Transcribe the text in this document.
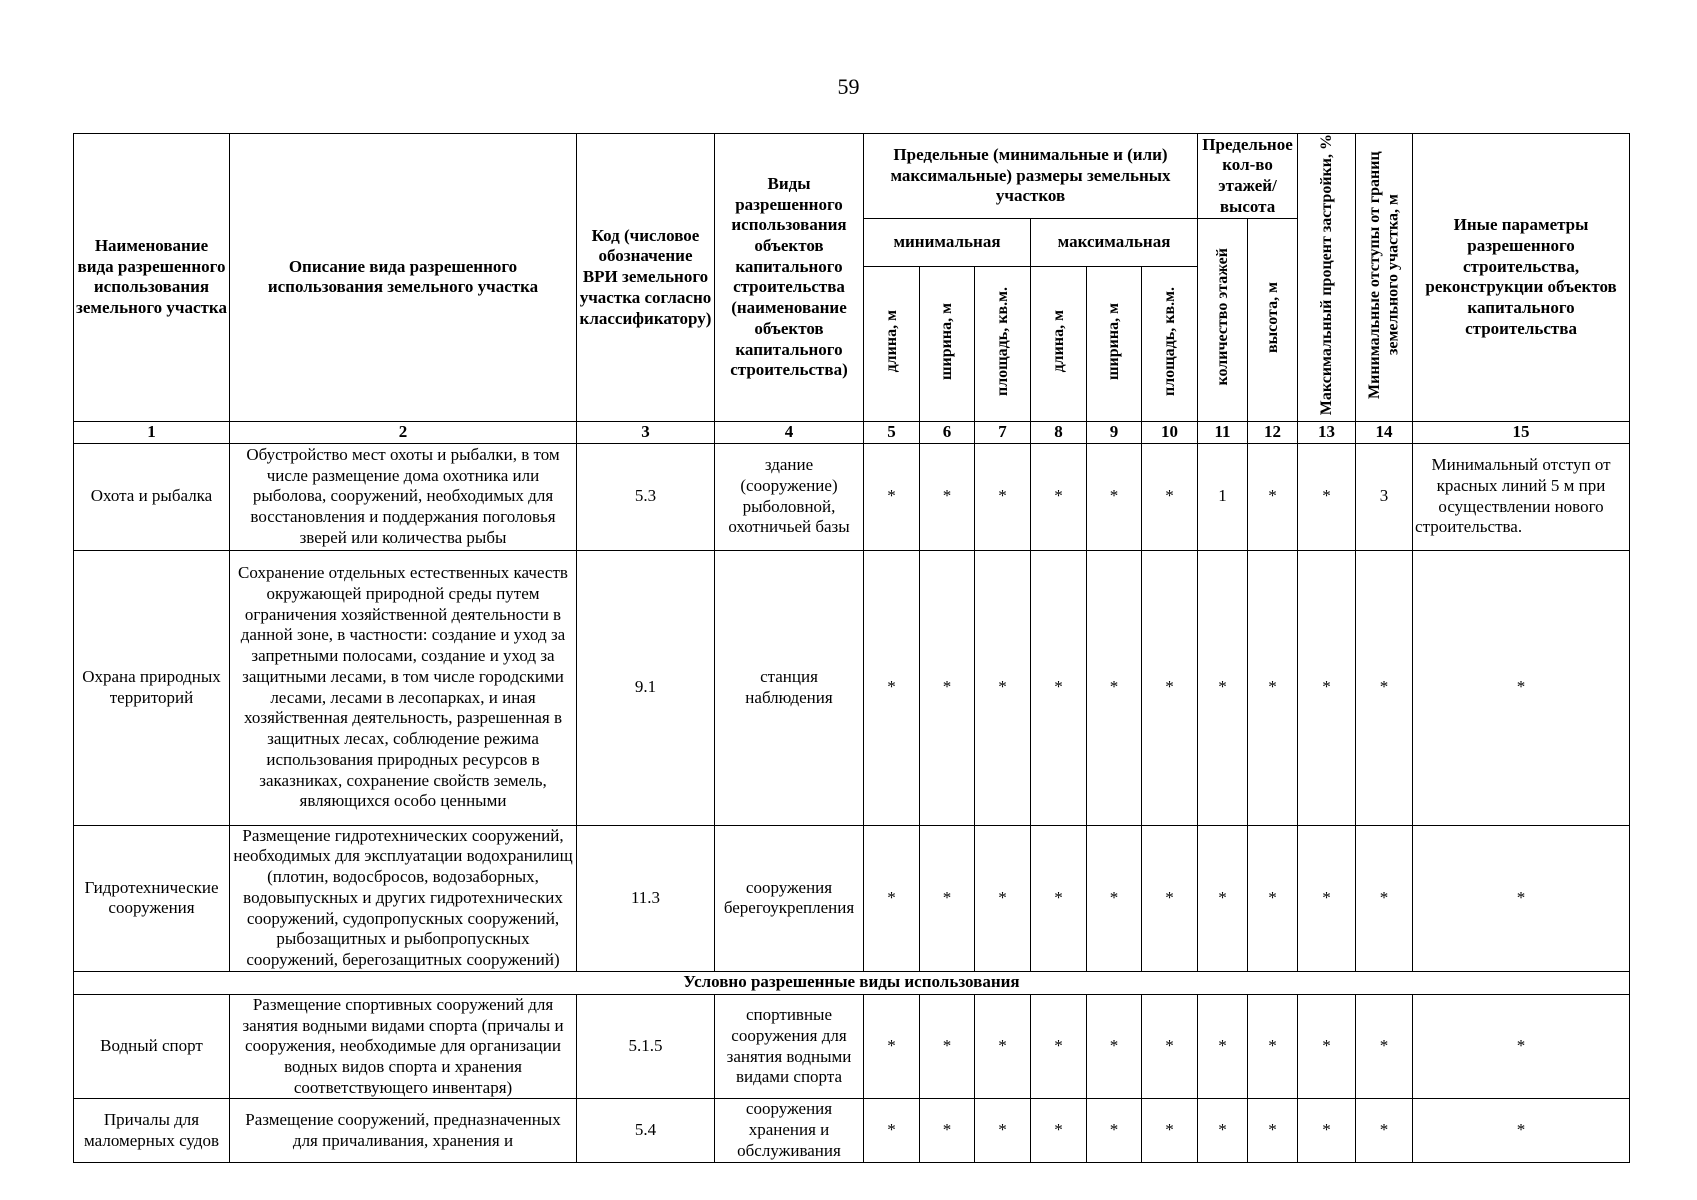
59
Наименование вида разрешенного использования земельного участка	Описание вида разрешенного использования земельного участка	Код (числовое обозначение ВРИ земельного участка согласно классификатору)	Виды разрешенного использования объектов капитального строительства (наименование объектов капитального строительства)	Предельные (минимальные и (или) максимальные) размеры земельных участков						Предельное кол-во этажей/ высота		Максимальный процент застройки, %	Минимальные отступы от границ земельного участка, м	Иные параметры разрешенного строительства, реконструкции объектов капитального строительства
				минимальная			максимальная			количество этажей	высота, м			
				длина, м	ширина, м	площадь, кв.м.	длина, м	ширина, м	площадь, кв.м.					
1	2	3	4	5	6	7	8	9	10	11	12	13	14	15
Охота и рыбалка	Обустройство мест охоты и рыбалки, в том числе размещение дома охотника или рыболова, сооружений, необходимых для восстановления и поддержания поголовья зверей или количества рыбы	5.3	здание (сооружение) рыболовной, охотничьей базы	*	*	*	*	*	*	1	*	*	3	Минимальный отступ от красных линий 5 м при осуществлении нового строительства.
Охрана природных территорий	Сохранение отдельных естественных качеств окружающей природной среды путем ограничения хозяйственной деятельности в данной зоне, в частности: создание и уход за запретными полосами, создание и уход за защитными лесами, в том числе городскими лесами, лесами в лесопарках, и иная хозяйственная деятельность, разрешенная в защитных лесах, соблюдение режима использования природных ресурсов в заказниках, сохранение свойств земель, являющихся особо ценными	9.1	станция наблюдения	*	*	*	*	*	*	*	*	*	*	*
Гидротехнические сооружения	Размещение гидротехнических сооружений, необходимых для эксплуатации водохранилищ (плотин, водосбросов, водозаборных, водовыпускных и других гидротехнических сооружений, судопропускных сооружений, рыбозащитных и рыбопропускных сооружений, берегозащитных сооружений)	11.3	сооружения берегоукрепления	*	*	*	*	*	*	*	*	*	*	*
Условно разрешенные виды использования														
Водный спорт	Размещение спортивных сооружений для занятия водными видами спорта (причалы и сооружения, необходимые для организации водных видов спорта и хранения соответствующего инвентаря)	5.1.5	спортивные сооружения для занятия водными видами спорта	*	*	*	*	*	*	*	*	*	*	*
Причалы для маломерных судов	Размещение сооружений, предназначенных для причаливания, хранения и	5.4	сооружения хранения и обслуживания	*	*	*	*	*	*	*	*	*	*	*
